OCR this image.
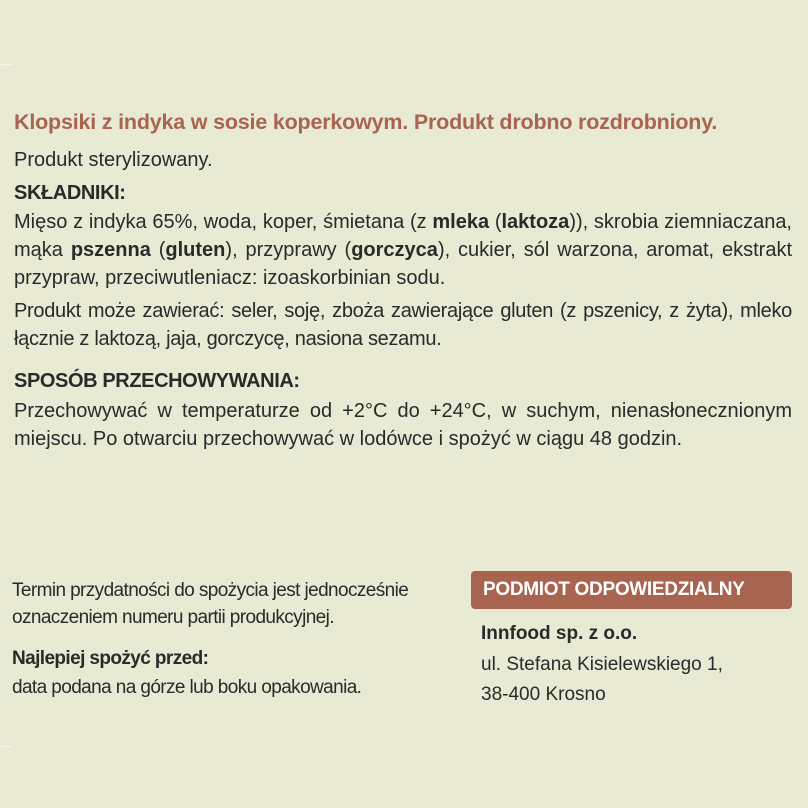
Klopsiki z indyka w sosie koperkowym. Produkt drobno rozdrobniony.
Produkt sterylizowany.
SKŁADNIKI:
Mięso z indyka 65%, woda, koper, śmietana (z mleka (laktoza)), skrobia ziemniaczana, mąka pszenna (gluten), przyprawy (gorczyca), cukier, sól warzona, aromat, ekstrakt przypraw, przeciwutleniacz: izoaskorbinian sodu.
Produkt może zawierać: seler, soję, zboża zawierające gluten (z pszenicy, z żyta), mleko łącznie z laktozą, jaja, gorczycę, nasiona sezamu.
SPOSÓB PRZECHOWYWANIA:
Przechowywać w temperaturze od +2°C do +24°C, w suchym, nienasłonecznionym miejscu. Po otwarciu przechowywać w lodówce i spożyć w ciągu 48 godzin.
Termin przydatności do spożycia jest jednocześnie oznaczeniem numeru partii produkcyjnej.
Najlepiej spożyć przed:
data podana na górze lub boku opakowania.
PODMIOT ODPOWIEDZIALNY
Innfood sp. z o.o.
ul. Stefana Kisielewskiego 1,
38-400 Krosno
